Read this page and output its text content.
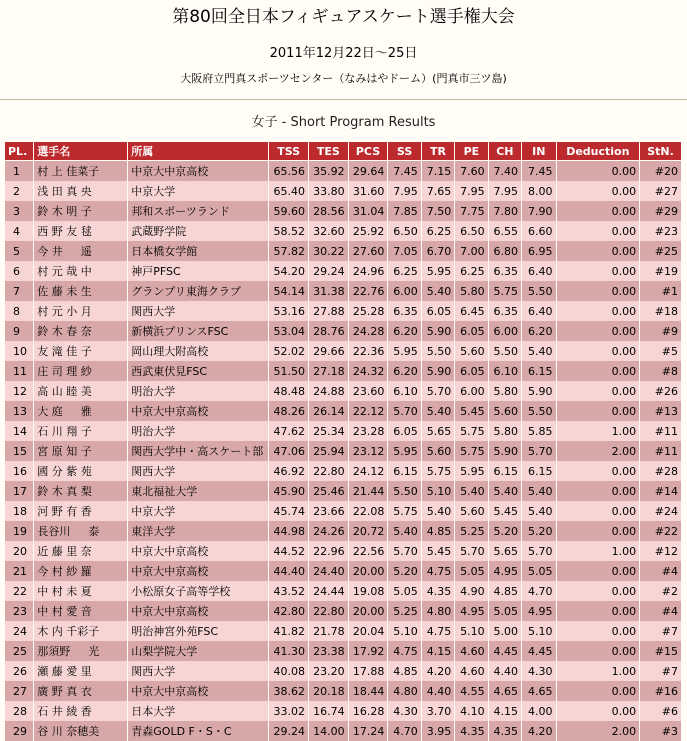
第80回全日本フィギュアスケート選手権大会
2011年12月22日〜25日
大阪府立門真スポーツセンター（なみはやドーム）(門真市三ツ島)
女子 - Short Program Results
PL.	選手名	所属	TSS	TES	PCS	SS	TR	PE	CH	IN	Deduction	StN.
1	村 上 佳菜子	中京大中京高校	65.56	35.92	29.64	7.45	7.15	7.60	7.40	7.45	0.00	#20
2	浅 田 真 央	中京大学	65.40	33.80	31.60	7.95	7.65	7.95	7.95	8.00	0.00	#27
3	鈴 木 明 子	邦和スポーツランド	59.60	28.56	31.04	7.85	7.50	7.75	7.80	7.90	0.00	#29
4	西 野 友 毬	武蔵野学院	58.52	32.60	25.92	6.50	6.25	6.50	6.55	6.60	0.00	#23
5	今 井 　 遥	日本橋女学館	57.82	30.22	27.60	7.05	6.70	7.00	6.80	6.95	0.00	#25
6	村 元 哉 中	神戸PFSC	54.20	29.24	24.96	6.25	5.95	6.25	6.35	6.40	0.00	#19
7	佐 藤 未 生	グランプリ東海クラブ	54.14	31.38	22.76	6.00	5.40	5.80	5.75	5.50	0.00	#1
8	村 元 小 月	関西大学	53.16	27.88	25.28	6.35	6.05	6.45	6.35	6.40	0.00	#18
9	鈴 木 春 奈	新横浜プリンスFSC	53.04	28.76	24.28	6.20	5.90	6.05	6.00	6.20	0.00	#9
10	友 滝 佳 子	岡山理大附高校	52.02	29.66	22.36	5.95	5.50	5.60	5.50	5.40	0.00	#5
11	庄 司 理 紗	西武東伏見FSC	51.50	27.18	24.32	6.20	5.90	6.05	6.10	6.15	0.00	#8
12	高 山 睦 美	明治大学	48.48	24.88	23.60	6.10	5.70	6.00	5.80	5.90	0.00	#26
13	大 庭 　 雅	中京大中京高校	48.26	26.14	22.12	5.70	5.40	5.45	5.60	5.50	0.00	#13
14	石 川 翔 子	明治大学	47.62	25.34	23.28	6.05	5.65	5.75	5.80	5.85	1.00	#11
15	宮 原 知 子	関西大学中・高スケート部	47.06	25.94	23.12	5.95	5.60	5.75	5.90	5.70	2.00	#11
16	國 分 紫 苑	関西大学	46.92	22.80	24.12	6.15	5.75	5.95	6.15	6.15	0.00	#28
17	鈴 木 真 梨	東北福祉大学	45.90	25.46	21.44	5.50	5.10	5.40	5.40	5.40	0.00	#14
18	河 野 有 香	中京大学	45.74	23.66	22.08	5.75	5.40	5.60	5.45	5.40	0.00	#24
19	長谷川 　 泰	東洋大学	44.98	24.26	20.72	5.40	4.85	5.25	5.20	5.20	0.00	#22
20	近 藤 里 奈	中京大中京高校	44.52	22.96	22.56	5.70	5.45	5.70	5.65	5.70	1.00	#12
21	今 村 紗 羅	中京大中京高校	44.40	24.40	20.00	5.20	4.75	5.05	4.95	5.05	0.00	#4
22	中 村 未 夏	小松原女子高等学校	43.52	24.44	19.08	5.05	4.35	4.90	4.85	4.70	0.00	#2
23	中 村 愛 音	中京大中京高校	42.80	22.80	20.00	5.25	4.80	4.95	5.05	4.95	0.00	#4
24	木 内 千彩子	明治神宮外苑FSC	41.82	21.78	20.04	5.10	4.75	5.10	5.00	5.10	0.00	#7
25	那須野 　 光	山梨学院大学	41.30	23.38	17.92	4.75	4.15	4.60	4.45	4.45	0.00	#15
26	瀬 藤 愛 里	関西大学	40.08	23.20	17.88	4.85	4.20	4.60	4.40	4.30	1.00	#7
27	廣 野 真 衣	中京大中京高校	38.62	20.18	18.44	4.80	4.40	4.55	4.65	4.65	0.00	#16
28	石 井 綾 香	日本大学	33.02	16.74	16.28	4.30	3.70	4.10	4.15	4.00	0.00	#6
29	谷 川 奈穂美	青森GOLD F・S・C	29.24	14.00	17.24	4.70	3.95	4.35	4.35	4.20	2.00	#3
